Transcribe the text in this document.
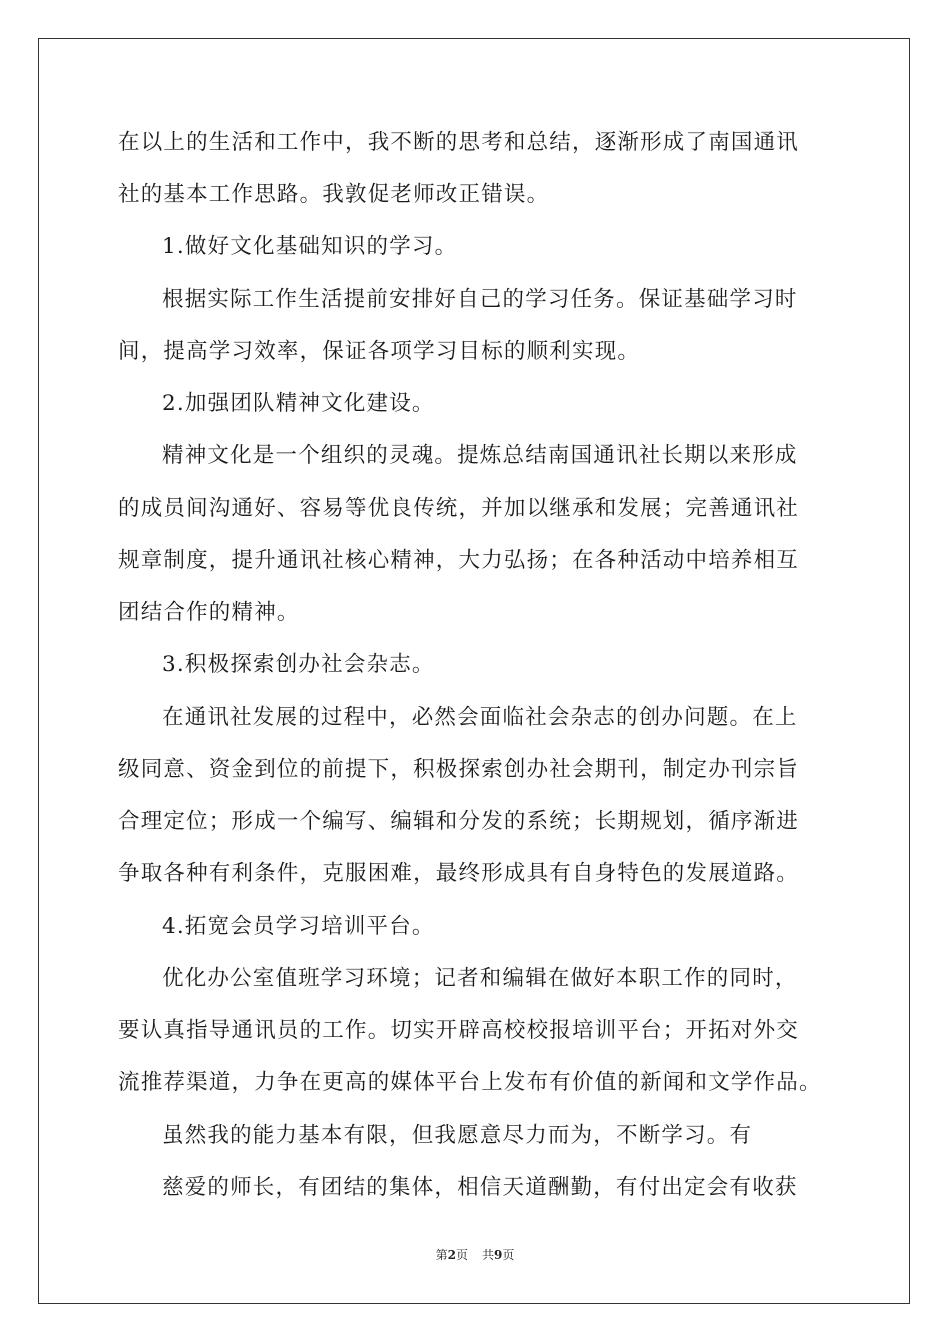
在以上的生活和工作中，我不断的思考和总结，逐渐形成了南国通讯
社的基本工作思路。我敦促老师改正错误。
1.做好文化基础知识的学习。
根据实际工作生活提前安排好自己的学习任务。保证基础学习时
间，提高学习效率，保证各项学习目标的顺利实现。
2.加强团队精神文化建设。
精神文化是一个组织的灵魂。提炼总结南国通讯社长期以来形成
的成员间沟通好、容易等优良传统，并加以继承和发展；完善通讯社
规章制度，提升通讯社核心精神，大力弘扬；在各种活动中培养相互
团结合作的精神。
3.积极探索创办社会杂志。
在通讯社发展的过程中，必然会面临社会杂志的创办问题。在上
级同意、资金到位的前提下，积极探索创办社会期刊，制定办刊宗旨
合理定位；形成一个编写、编辑和分发的系统；长期规划，循序渐进
争取各种有利条件，克服困难，最终形成具有自身特色的发展道路。
4.拓宽会员学习培训平台。
优化办公室值班学习环境；记者和编辑在做好本职工作的同时，
要认真指导通讯员的工作。切实开辟高校校报培训平台；开拓对外交
流推荐渠道，力争在更高的媒体平台上发布有价值的新闻和文学作品。
虽然我的能力基本有限，但我愿意尽力而为，不断学习。有
慈爱的师长，有团结的集体，相信天道酬勤，有付出定会有收获
第2页 共9页
